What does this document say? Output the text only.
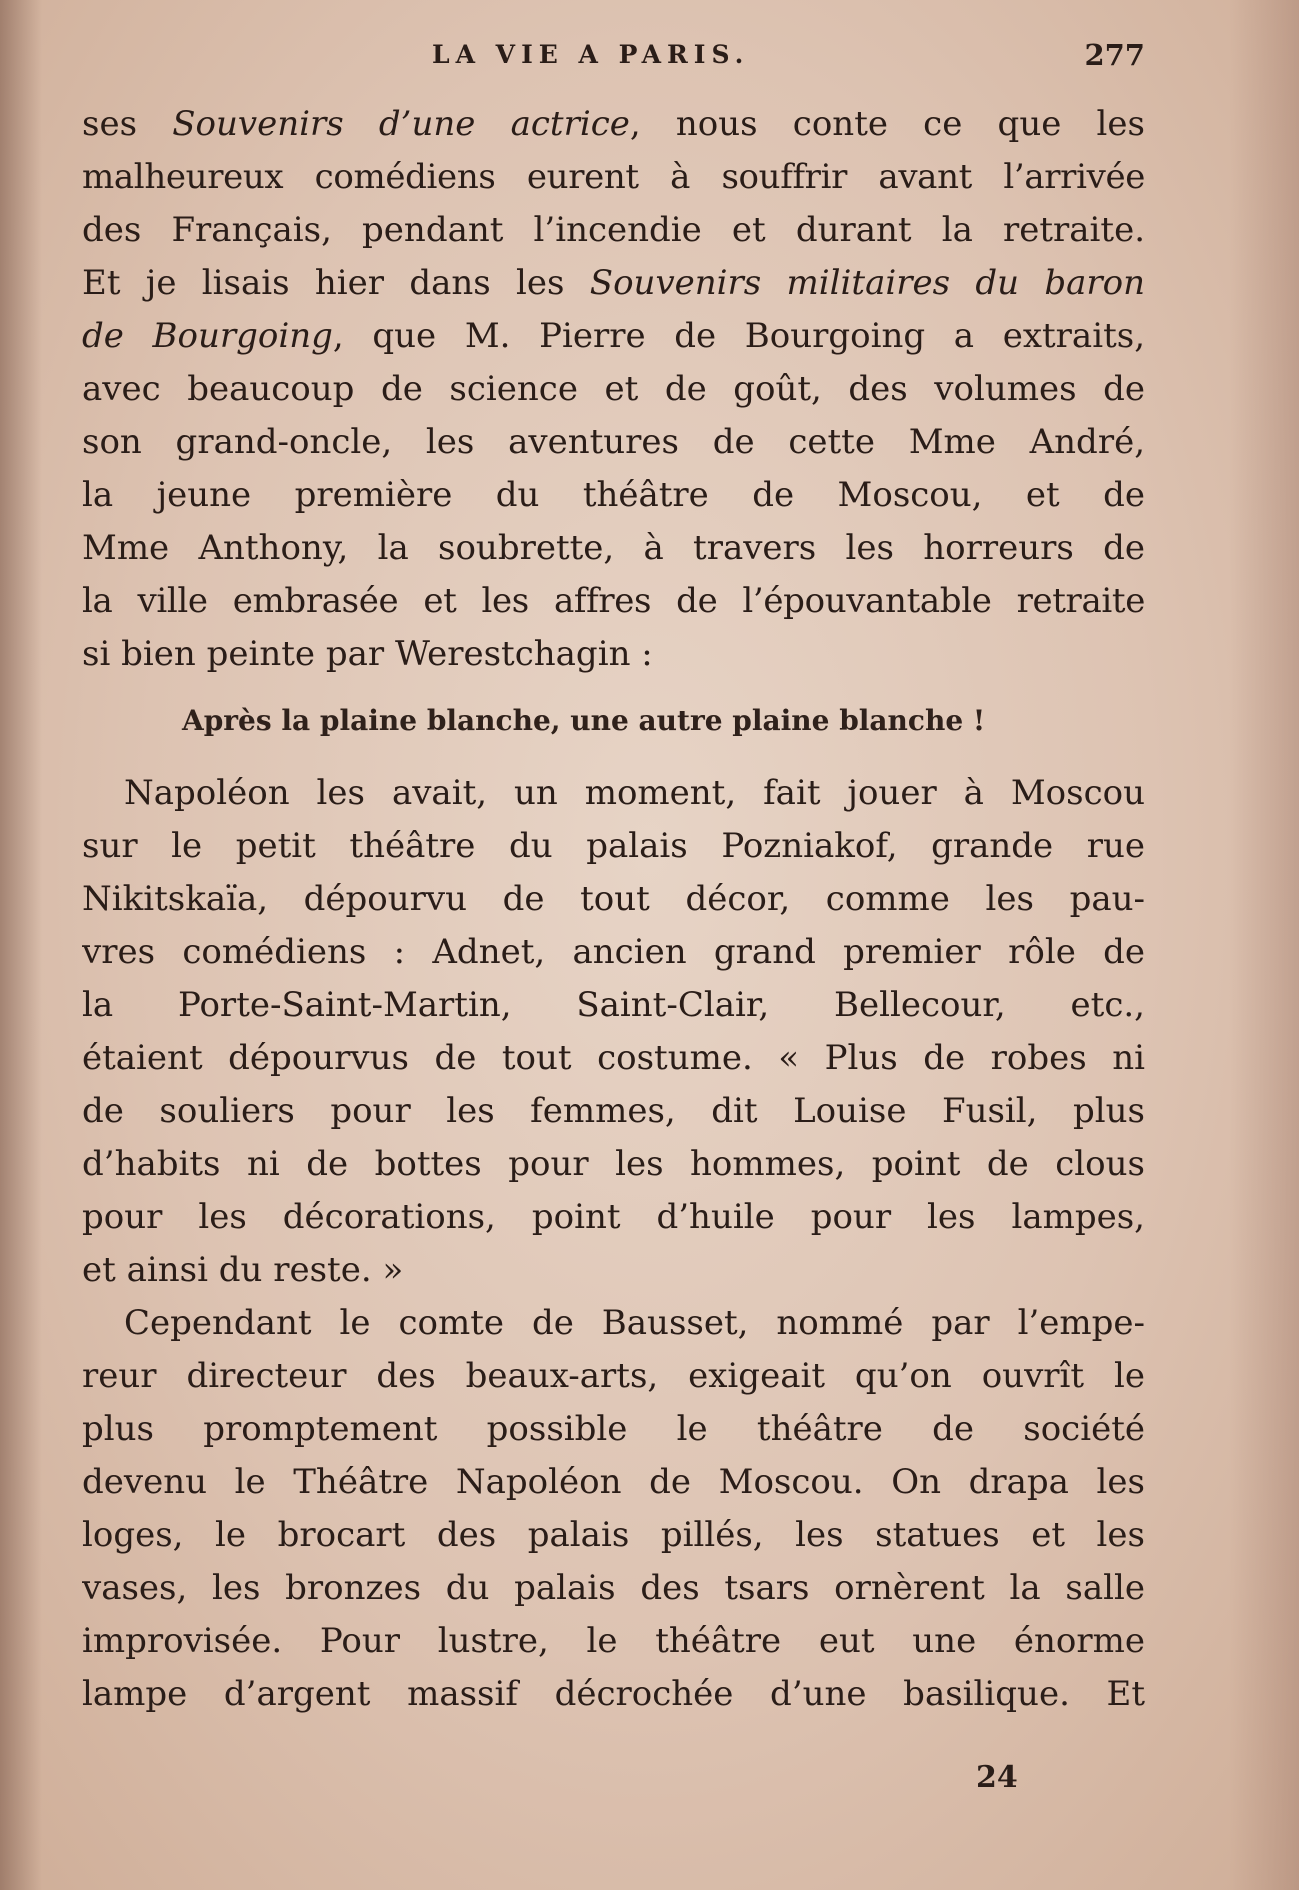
LA VIE A PARIS.	277
ses Souvenirs d’une actrice, nous conte ce que les
malheureux comédiens eurent à souffrir avant l’arrivée
des Français, pendant l’incendie et durant la retraite.
Et je lisais hier dans les Souvenirs militaires du baron
de Bourgoing, que M. Pierre de Bourgoing a extraits,
avec beaucoup de science et de goût, des volumes de
son grand-oncle, les aventures de cette Mme André,
la jeune première du théâtre de Moscou, et de
Mme Anthony, la soubrette, à travers les horreurs de
la ville embrasée et les affres de l’épouvantable retraite
si bien peinte par Werestchagin :
Après la plaine blanche, une autre plaine blanche !
Napoléon les avait, un moment, fait jouer à Moscou
sur le petit théâtre du palais Pozniakof, grande rue
Nikitskaïa, dépourvu de tout décor, comme les pau-
vres comédiens : Adnet, ancien grand premier rôle de
la Porte-Saint-Martin, Saint-Clair, Bellecour, etc.,
étaient dépourvus de tout costume. « Plus de robes ni
de souliers pour les femmes, dit Louise Fusil, plus
d’habits ni de bottes pour les hommes, point de clous
pour les décorations, point d’huile pour les lampes,
et ainsi du reste. »
Cependant le comte de Bausset, nommé par l’empe-
reur directeur des beaux-arts, exigeait qu’on ouvrît le
plus promptement possible le théâtre de société
devenu le Théâtre Napoléon de Moscou. On drapa les
loges, le brocart des palais pillés, les statues et les
vases, les bronzes du palais des tsars ornèrent la salle
improvisée. Pour lustre, le théâtre eut une énorme
lampe d’argent massif décrochée d’une basilique. Et
24
